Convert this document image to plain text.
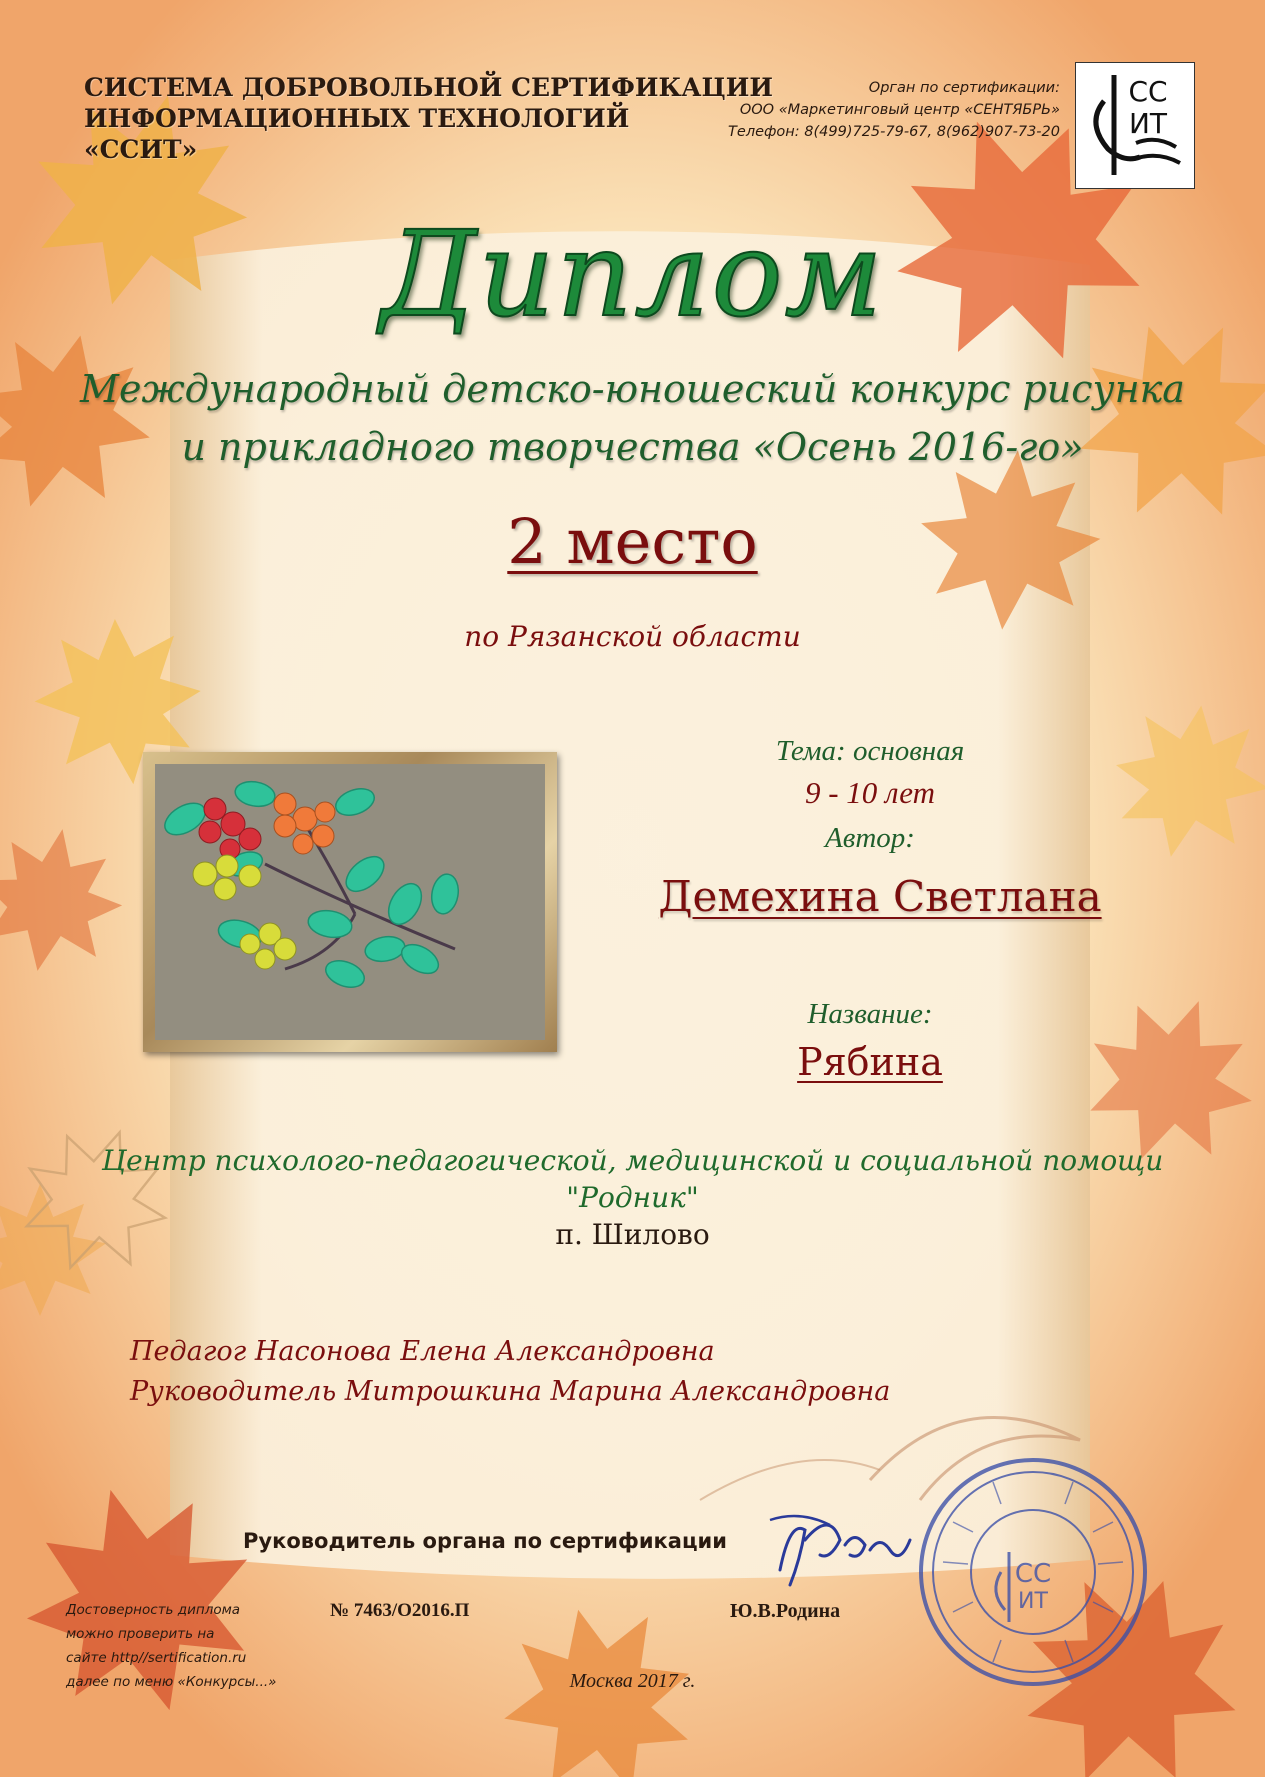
СИСТЕМА ДОБРОВОЛЬНОЙ СЕРТИФИКАЦИИ
ИНФОРМАЦИОННЫХ ТЕХНОЛОГИЙ
«ССИТ»
Орган по сертификации:
ООО «Маркетинговый центр «СЕНТЯБРЬ»
Телефон: 8(499)725-79-67, 8(962)907-73-20
СС
ИТ
Диплом
Международный детско-юношеский конкурс рисунка
и прикладного творчества «Осень 2016-го»
2 место
по Рязанской области
Тема: основная
9 - 10 лет
Автор:
Демехина Светлана
Название:
Рябина
Центр психолого-педагогической, медицинской и социальной помощи
"Родник"
п. Шилово
Педагог Насонова Елена Александровна
Руководитель Митрошкина Марина Александровна
Руководитель органа по сертификации
СС
ИТ
Достоверность диплома
можно проверить на
сайте http//sertification.ru
далее по меню «Конкурсы...»
№ 7463/O2016.П	Ю.В.Родина
Москва 2017 г.
